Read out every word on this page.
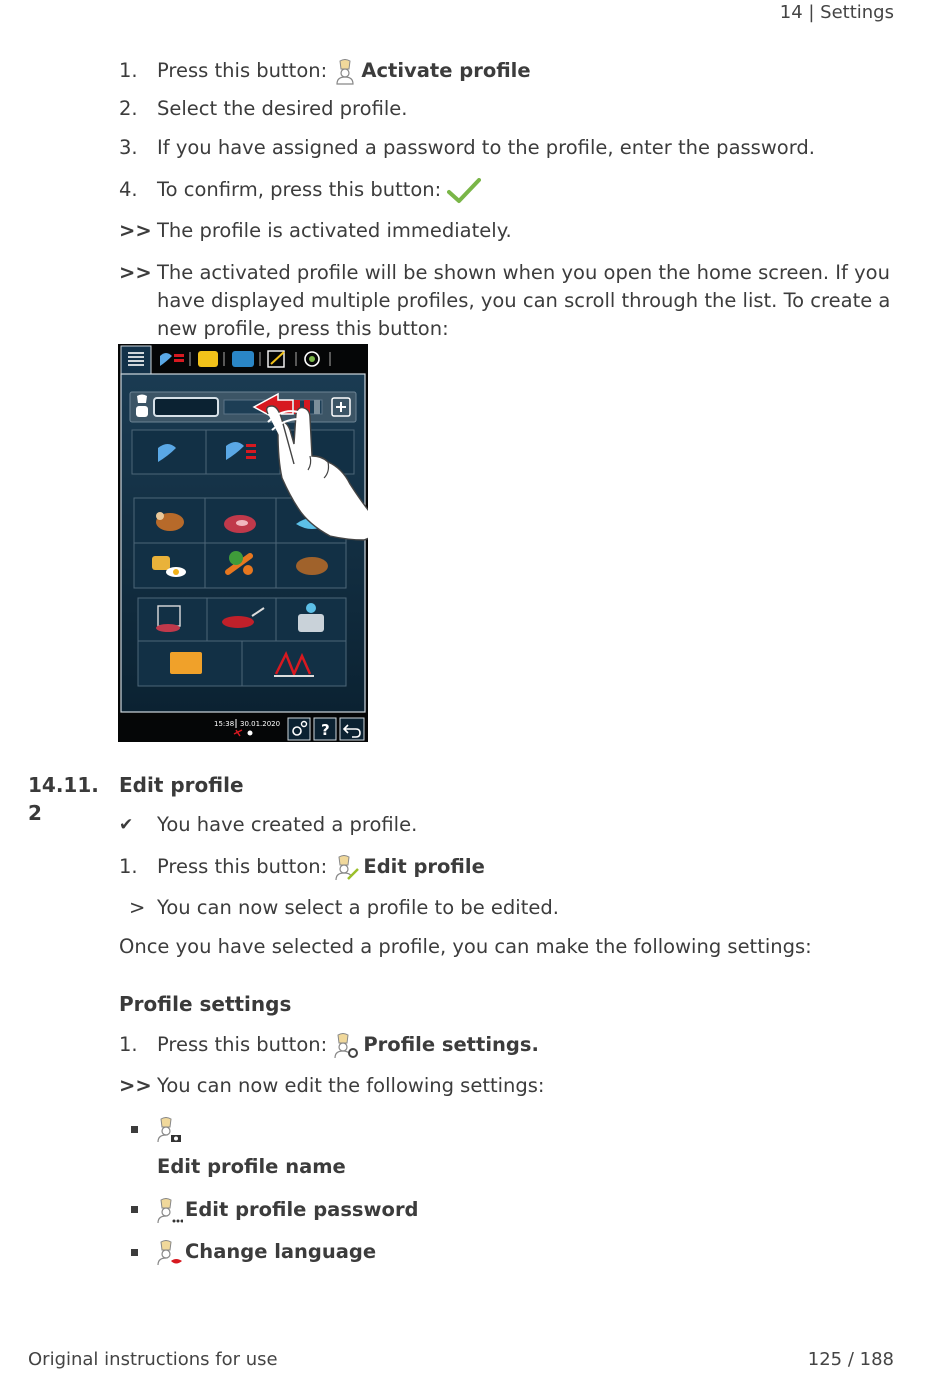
14 | Settings
1. Press this button: Activate profile
2. Select the desired profile.
3. If you have assigned a password to the profile, enter the password.
4. To confirm, press this button:
>> The profile is activated immediately.
>> The activated profile will be shown when you open the home screen. If you
have displayed multiple profiles, you can scroll through the list. To create a
new profile, press this button:
15:38 30.01.2020	?
14.11.
2
Edit profile
✔	You have created a profile.
1. Press this button: Edit profile
> You can now select a profile to be edited.
Once you have selected a profile, you can make the following settings:
Profile settings
1. Press this button: Profile settings.
>> You can now edit the following settings:
Edit profile name
Edit profile password
Change language
Original instructions for use	125 / 188
